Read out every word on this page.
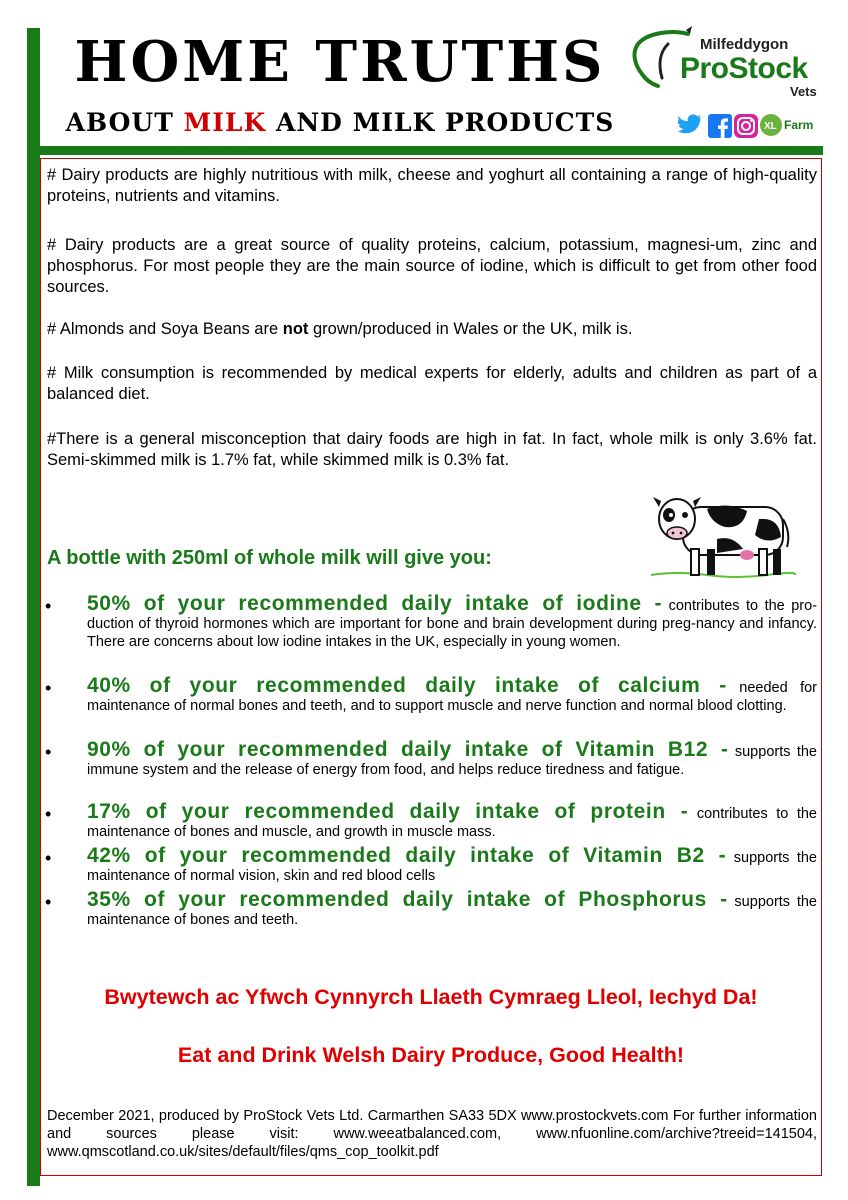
HOME TRUTHS
ABOUT MILK AND MILK PRODUCTS
Milfeddygon
ProStock
Vets
XL Farm
# Dairy products are highly nutritious with milk, cheese and yoghurt all containing a range of high-quality proteins, nutrients and vitamins.
# Dairy products are a great source of quality proteins, calcium, potassium, magnesi-um, zinc and phosphorus. For most people they are the main source of iodine, which is difficult to get from other food sources.
# Almonds and Soya Beans are not grown/produced in Wales or the UK, milk is.
# Milk consumption is recommended by medical experts for elderly, adults and children as part of a balanced diet.
#There is a general misconception that dairy foods are high in fat. In fact, whole milk is only 3.6% fat. Semi-skimmed milk is 1.7% fat, while skimmed milk is 0.3% fat.
A bottle with 250ml of whole milk will give you:
• 50% of your recommended daily intake of iodine - contributes to the pro-duction of thyroid hormones which are important for bone and brain development during preg-nancy and infancy. There are concerns about low iodine intakes in the UK, especially in young women.
• 40% of your recommended daily intake of calcium - needed for maintenance of normal bones and teeth, and to support muscle and nerve function and normal blood clotting.
• 90% of your recommended daily intake of Vitamin B12 - supports the immune system and the release of energy from food, and helps reduce tiredness and fatigue.
• 17% of your recommended daily intake of protein - contributes to the maintenance of bones and muscle, and growth in muscle mass.
• 42% of your recommended daily intake of Vitamin B2 - supports the maintenance of normal vision, skin and red blood cells
• 35% of your recommended daily intake of Phosphorus - supports the maintenance of bones and teeth.
Bwytewch ac Yfwch Cynnyrch Llaeth Cymraeg Lleol, Iechyd Da!
Eat and Drink Welsh Dairy Produce, Good Health!
December 2021, produced by ProStock Vets Ltd. Carmarthen SA33 5DX www.prostockvets.com For further information and sources please visit: www.weeatbalanced.com, www.nfuonline.com/archive?treeid=141504, www.qmscotland.co.uk/sites/default/files/qms_cop_toolkit.pdf
